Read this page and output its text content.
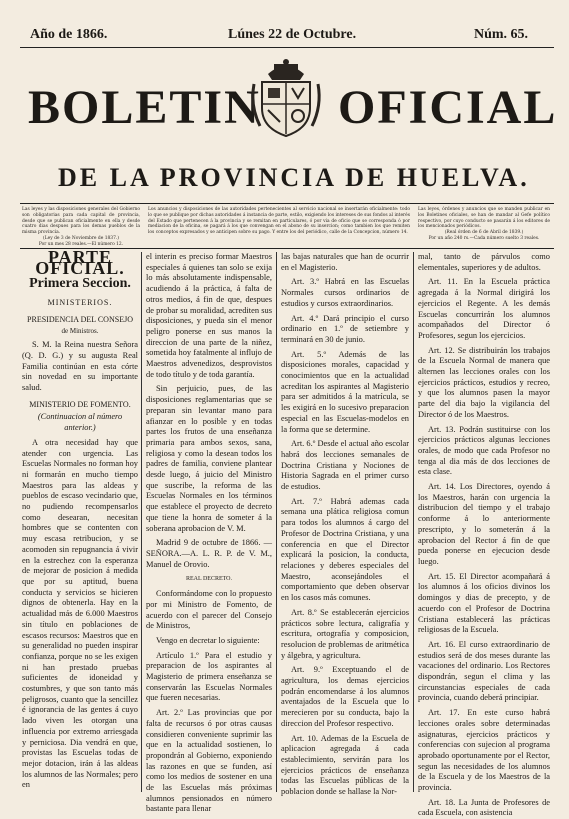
Año de 1866.	Lúnes 22 de Octubre.	Núm. 65.
BOLETIN OFICIAL
DE LA PROVINCIA DE HUELVA.
Las leyes y las disposiciones generales del Gobierno son obligatorias para cada capital de provincia, desde que se publican oficialmente en ella y desde cuatro dias despues para los demas pueblos de la misma provincia.
(Ley de 3 de Noviembre de 1837.)
Por un mes 28 reales.—El número 12.
Los anuncios y disposiciones de las autoridades pertenecientes al servicio nacional se insertarán oficialmente: todo lo que se publique por dichas autoridades á instancia de parte, estilo, exigiendo los intereses de sus fondos al interés del Estado que pertenecen á la provincia y se remitan en particulares, ó por via de oficio que se corresponda ó por mediacion de la oficina, se pagará á los que convengan en el abono de su insercion; como tambien los que remiten los conceptos expresados y se anticipen sobre su pago. Y entre los del periódico, calle de la Concepcion, número 14.
Las leyes, órdenes y anuncios que se manden publicar en los Boletines oficiales, se han de mandar al Gefe político respectivo, por cuyo conducto se pasarán á los editores de los mencionados periódicos.
(Real órden de 6 de Abril de 1839.)
Por un año 240 rs.—Cada número suelto 3 reales.
PARTE OFICIAL.
Primera Seccion.
MINISTERIOS.
PRESIDENCIA DEL CONSEJO
de Ministros.

S. M. la Reina nuestra Señora (Q. D. G.) y su augusta Real Familia continúan en esta córte sin novedad en su importante salud.

MINISTERIO DE FOMENTO.
(Continuacion al número anterior.)

A otra necesidad hay que atender con urgencia. Las Escuelas Normales no forman hoy ni formarán en mucho tiempo Maestros para las aldeas y pueblos de escaso vecindario que, no pudiendo recompensarlos como desearan, necesitan hombres que se contenten con muy escasa retribucion, y se acomoden sin repugnancia á vivir en la estrechez con la esperanza de mejorar de posicion á medida que por su aptitud, buena conducta y servicios se hicieren dignos de obtenerla. Hay en la actualidad más de 6.000 Maestros sin título en poblaciones de escasos recursos: Maestros que en su generalidad no pueden inspirar confianza, porque no se les exigen ni han prestado pruebas suficientes de idoneidad y costumbres, y que son tanto más peligrosos, cuanto que la sencillez é ignorancia de las gentes á cuyo lado viven les otorgan una influencia por extremo arriesgada y perniciosa. Dia vendrá en que, provistas las Escuelas todas de mejor dotacion, irán á las aldeas los alumnos de las Normales; pero en

el interin es preciso formar Maestros especiales á quienes tan solo se exija lo más absolutamente indispensable, acudiendo á la práctica, á falta de otros medios, á fin de que, despues de probar su moralidad, acrediten sus disposiciones, y pueda sin el menor peligro ponerse en sus manos la direccion de una parte de la niñez, sometida hoy fatalmente al influjo de Maestros advenedizos, desprovistos de todo título y de toda garantía.

Sin perjuicio, pues, de las disposiciones reglamentarias que se preparan sin levantar mano para afianzar en lo posible y en todas partes los frutos de una enseñanza primaria para ambos sexos, sana, religiosa y como la desean todos los padres de familia, conviene plantear desde luego, á juicio del Ministro que suscribe, la reforma de las Escuelas Normales en los términos que establece el proyecto de decreto que tiene la honra de someter á la soberana aprobacion de V. M.

Madrid 9 de octubre de 1866. —SEÑORA.—A. L. R. P. de V. M., Manuel de Orovio.

REAL DECRETO.

Conformándome con lo propuesto por mi Ministro de Fomento, de acuerdo con el parecer del Consejo de Ministros,

Vengo en decretar lo siguiente:

Artículo 1.º Para el estudio y preparacion de los aspirantes al Magisterio de primera enseñanza se conservarán las Escuelas Normales que fueren necesarias.

Art. 2.º Las provincias que por falta de recursos ó por otras causas considieren conveniente suprimir las que en la actualidad sostienen, lo propondrán al Gobierno, exponiendo las razones en que se funden, así como los medios de sostener en una de las Escuelas más próximas alumnos pensionados en número bastante para llenar

las bajas naturales que han de ocurrir en el Magisterio.

Art. 3.º Habrá en las Escuelas Normales cursos ordinarios de estudios y cursos extraordinarios.

Art. 4.º Dará principio el curso ordinario en 1.º de setiembre y terminará en 30 de junio.

Art. 5.º Además de las disposiciones morales, capacidad y conocimientos que en la actualidad acreditan los aspirantes al Magisterio para ser admitidos á la matrícula, se les exigirá en lo sucesivo preparacion especial en las Escuelas-modelos en la forma que se determine.

Art. 6.º Desde el actual año escolar habrá dos lecciones semanales de Doctrina Cristiana y Nociones de Historia Sagrada en el primer curso de estudios.

Art. 7.º Habrá ademas cada semana una plática religiosa comun para todos los alumnos á cargo del Profesor de Doctrina Cristiana, y una conferencia en que el Director explicará la posicion, la conducta, relaciones y deberes especiales del Maestro, aconsejándoles el comportamiento que deben observar en los casos más comunes.

Art. 8.º Se establecerán ejercicios prácticos sobre lectura, caligrafía y escritura, ortografía y composicion, resolucion de problemas de aritmética y álgebra, y agricultura.

Art. 9.º Exceptuando el de agricultura, los demas ejercicios podrán encomendarse á los alumnos aventajados de la Escuela que lo merecieren por su conducta, bajo la direccion del Profesor respectivo.

Art. 10. Ademas de la Escuela de aplicacion agregada á cada establecimiento, servirán para los ejercicios prácticos de enseñanza todas las Escuelas públicas de la poblacion donde se hallase la Nor-

mal, tanto de párvulos como elementales, superiores y de adultos.

Art. 11. En la Escuela práctica agregada á la Normal dirigirá los ejercicios el Regente. A les demás Escuelas concurrirán los alumnos acompañados del Director ó Profesores, segun los ejercicios.

Art. 12. Se distribuirán los trabajos de la Escuela Normal de manera que alternen las lecciones orales con los ejercicios prácticos, estudios y recreo, y que los alumnos pasen la mayor parte del dia bajo la vigilancia del Director ó de los Maestros.

Art. 13. Podrán sustituirse con los ejercicios prácticos algunas lecciones orales, de modo que cada Profesor no tenga al dia más de dos lecciones de esta clase.

Art. 14. Los Directores, oyendo á los Maestros, harán con urgencia la distribucion del tiempo y el trabajo conforme á lo anteriormente prescripto, y lo someterán á la aprobacion del Rector á fin de que pueda ponerse en ejecucion desde luego.

Art. 15. El Director acompañará á los alumnos á los oficios divinos los domingos y dias de precepto, y de acuerdo con el Profesor de Doctrina Cristiana establecerá las prácticas religiosas de la Escuela.

Art. 16. El curso extraordinario de estudios será de dos meses durante las vacaciones del ordinario. Los Rectores dispondrán, segun el clima y las circunstancias especiales de cada provincia, cuando deberá principiar.

Art. 17. En este curso habrá lecciones orales sobre determinadas asignaturas, ejercicios prácticos y conferencias con sujecion al programa aprobado oportunamente por el Rector, segun las necesidades de los alumnos de la Escuela y de los Maestros de la provincia.

Art. 18. La Junta de Profesores de cada Escuela, con asistencia
